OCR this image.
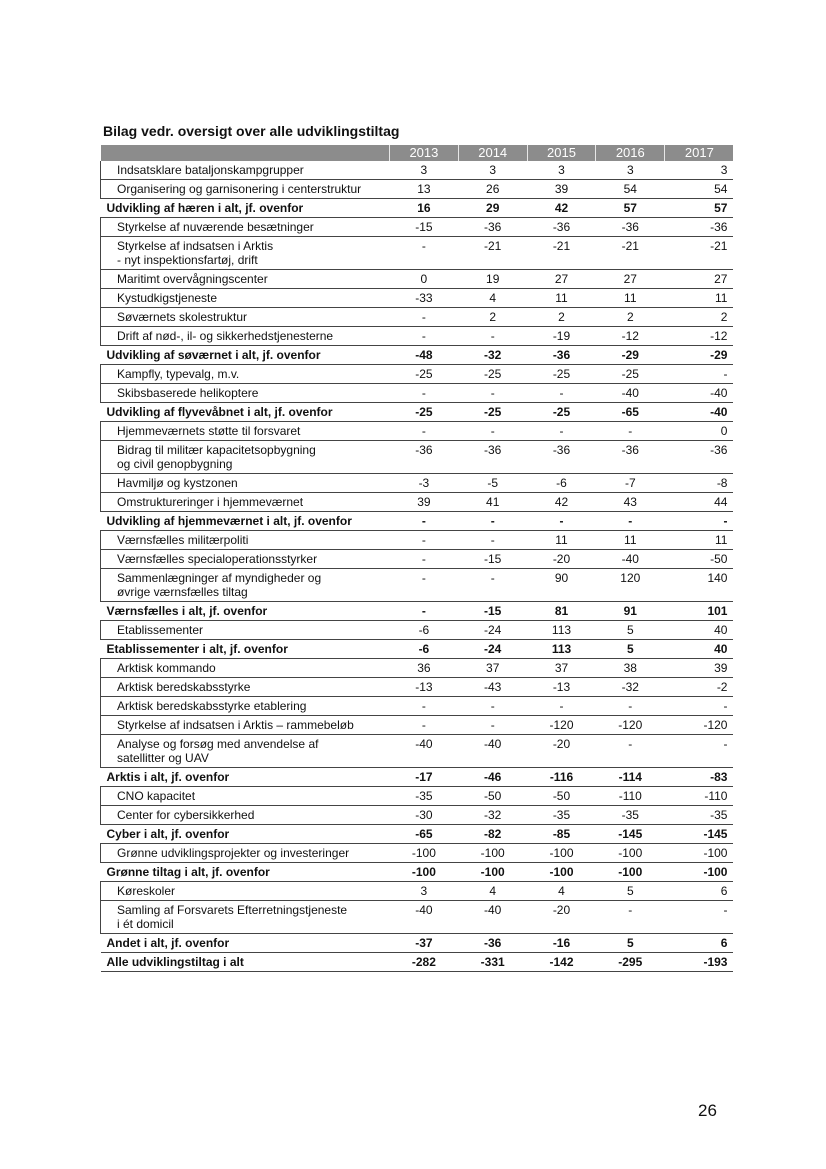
Bilag vedr. oversigt over alle udviklingstiltag
	2013	2014	2015	2016	2017
Indsatsklare bataljonskampgrupper	3	3	3	3	3
Organisering og garnisonering i centerstruktur	13	26	39	54	54
Udvikling af hæren i alt, jf. ovenfor	16	29	42	57	57
Styrkelse af nuværende besætninger	-15	-36	-36	-36	-36
Styrkelse af indsatsen i Arktis
- nyt inspektionsfartøj, drift	-	-21	-21	-21	-21
Maritimt overvågningscenter	0	19	27	27	27
Kystudkigstjeneste	-33	4	11	11	11
Søværnets skolestruktur	-	2	2	2	2
Drift af nød-, il- og sikkerhedstjenesterne	-	-	-19	-12	-12
Udvikling af søværnet i alt, jf. ovenfor	-48	-32	-36	-29	-29
Kampfly, typevalg, m.v.	-25	-25	-25	-25	-
Skibsbaserede helikoptere	-	-	-	-40	-40
Udvikling af flyvevåbnet i alt, jf. ovenfor	-25	-25	-25	-65	-40
Hjemmeværnets støtte til forsvaret	-	-	-	-	0
Bidrag til militær kapacitetsopbygning
og civil genopbygning	-36	-36	-36	-36	-36
Havmiljø og kystzonen	-3	-5	-6	-7	-8
Omstruktureringer i hjemmeværnet	39	41	42	43	44
Udvikling af hjemmeværnet i alt, jf. ovenfor	-	-	-	-	-
Værnsfælles militærpoliti	-	-	11	11	11
Værnsfælles specialoperationsstyrker	-	-15	-20	-40	-50
Sammenlægninger af myndigheder og
øvrige værnsfælles tiltag	-	-	90	120	140
Værnsfælles i alt, jf. ovenfor	-	-15	81	91	101
Etablissementer	-6	-24	113	5	40
Etablissementer i alt, jf. ovenfor	-6	-24	113	5	40
Arktisk kommando	36	37	37	38	39
Arktisk beredskabsstyrke	-13	-43	-13	-32	-2
Arktisk beredskabsstyrke etablering	-	-	-	-	-
Styrkelse af indsatsen i Arktis – rammebeløb	-	-	-120	-120	-120
Analyse og forsøg med anvendelse af
satellitter og UAV	-40	-40	-20	-	-
Arktis i alt, jf. ovenfor	-17	-46	-116	-114	-83
CNO kapacitet	-35	-50	-50	-110	-110
Center for cybersikkerhed	-30	-32	-35	-35	-35
Cyber i alt, jf. ovenfor	-65	-82	-85	-145	-145
Grønne udviklingsprojekter og investeringer	-100	-100	-100	-100	-100
Grønne tiltag i alt, jf. ovenfor	-100	-100	-100	-100	-100
Køreskoler	3	4	4	5	6
Samling af Forsvarets Efterretningstjeneste
i ét domicil	-40	-40	-20	-	-
Andet i alt, jf. ovenfor	-37	-36	-16	5	6
Alle udviklingstiltag i alt	-282	-331	-142	-295	-193
26
